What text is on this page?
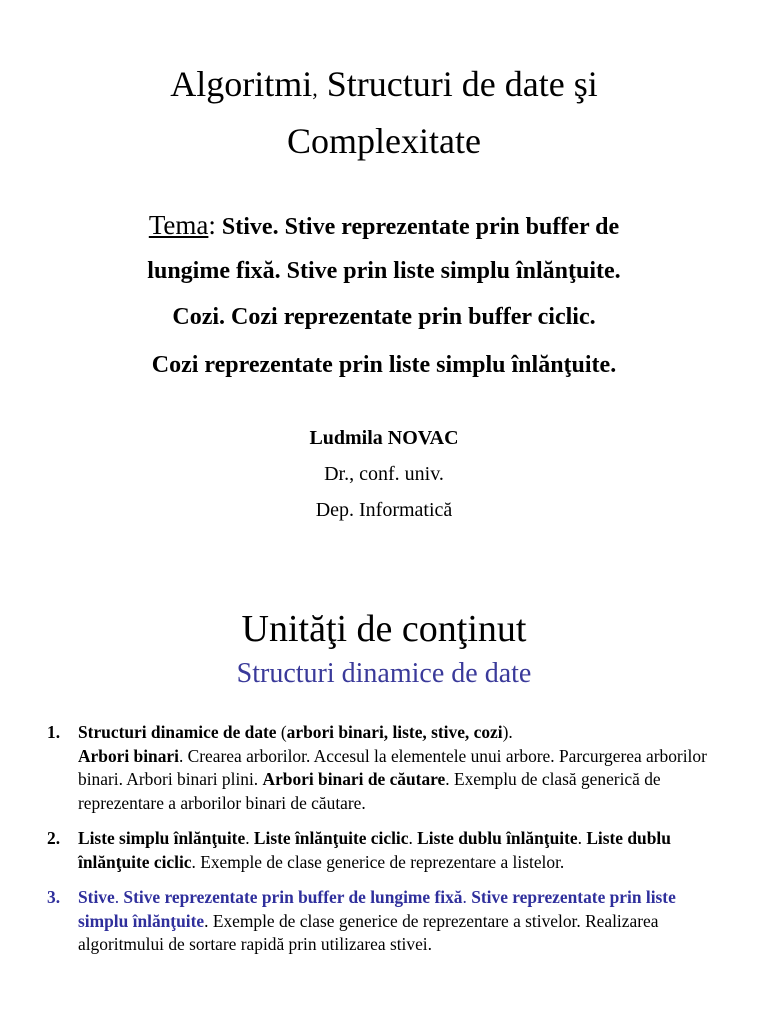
Algoritmi, Structuri de date şi
Complexitate
Tema: Stive. Stive reprezentate prin buffer de
lungime fixă. Stive prin liste simplu înlănţuite.
Cozi. Cozi reprezentate prin buffer ciclic.
Cozi reprezentate prin liste simplu înlănţuite.
Ludmila NOVAC
Dr., conf. univ.
Dep. Informatică
Unităţi de conţinut
Structuri dinamice de date
1. Structuri dinamice de date (arbori binari, liste, stive, cozi).
Arbori binari. Crearea arborilor. Accesul la elementele unui arbore. Parcurgerea arborilor binari. Arbori binari plini. Arbori binari de căutare. Exemplu de clasă generică de reprezentare a arborilor binari de căutare.
2. Liste simplu înlănţuite. Liste înlănţuite ciclic. Liste dublu înlănţuite. Liste dublu înlănţuite ciclic. Exemple de clase generice de reprezentare a listelor.
3. Stive. Stive reprezentate prin buffer de lungime fixă. Stive reprezentate prin liste simplu înlănţuite. Exemple de clase generice de reprezentare a stivelor. Realizarea algoritmului de sortare rapidă prin utilizarea stivei.
